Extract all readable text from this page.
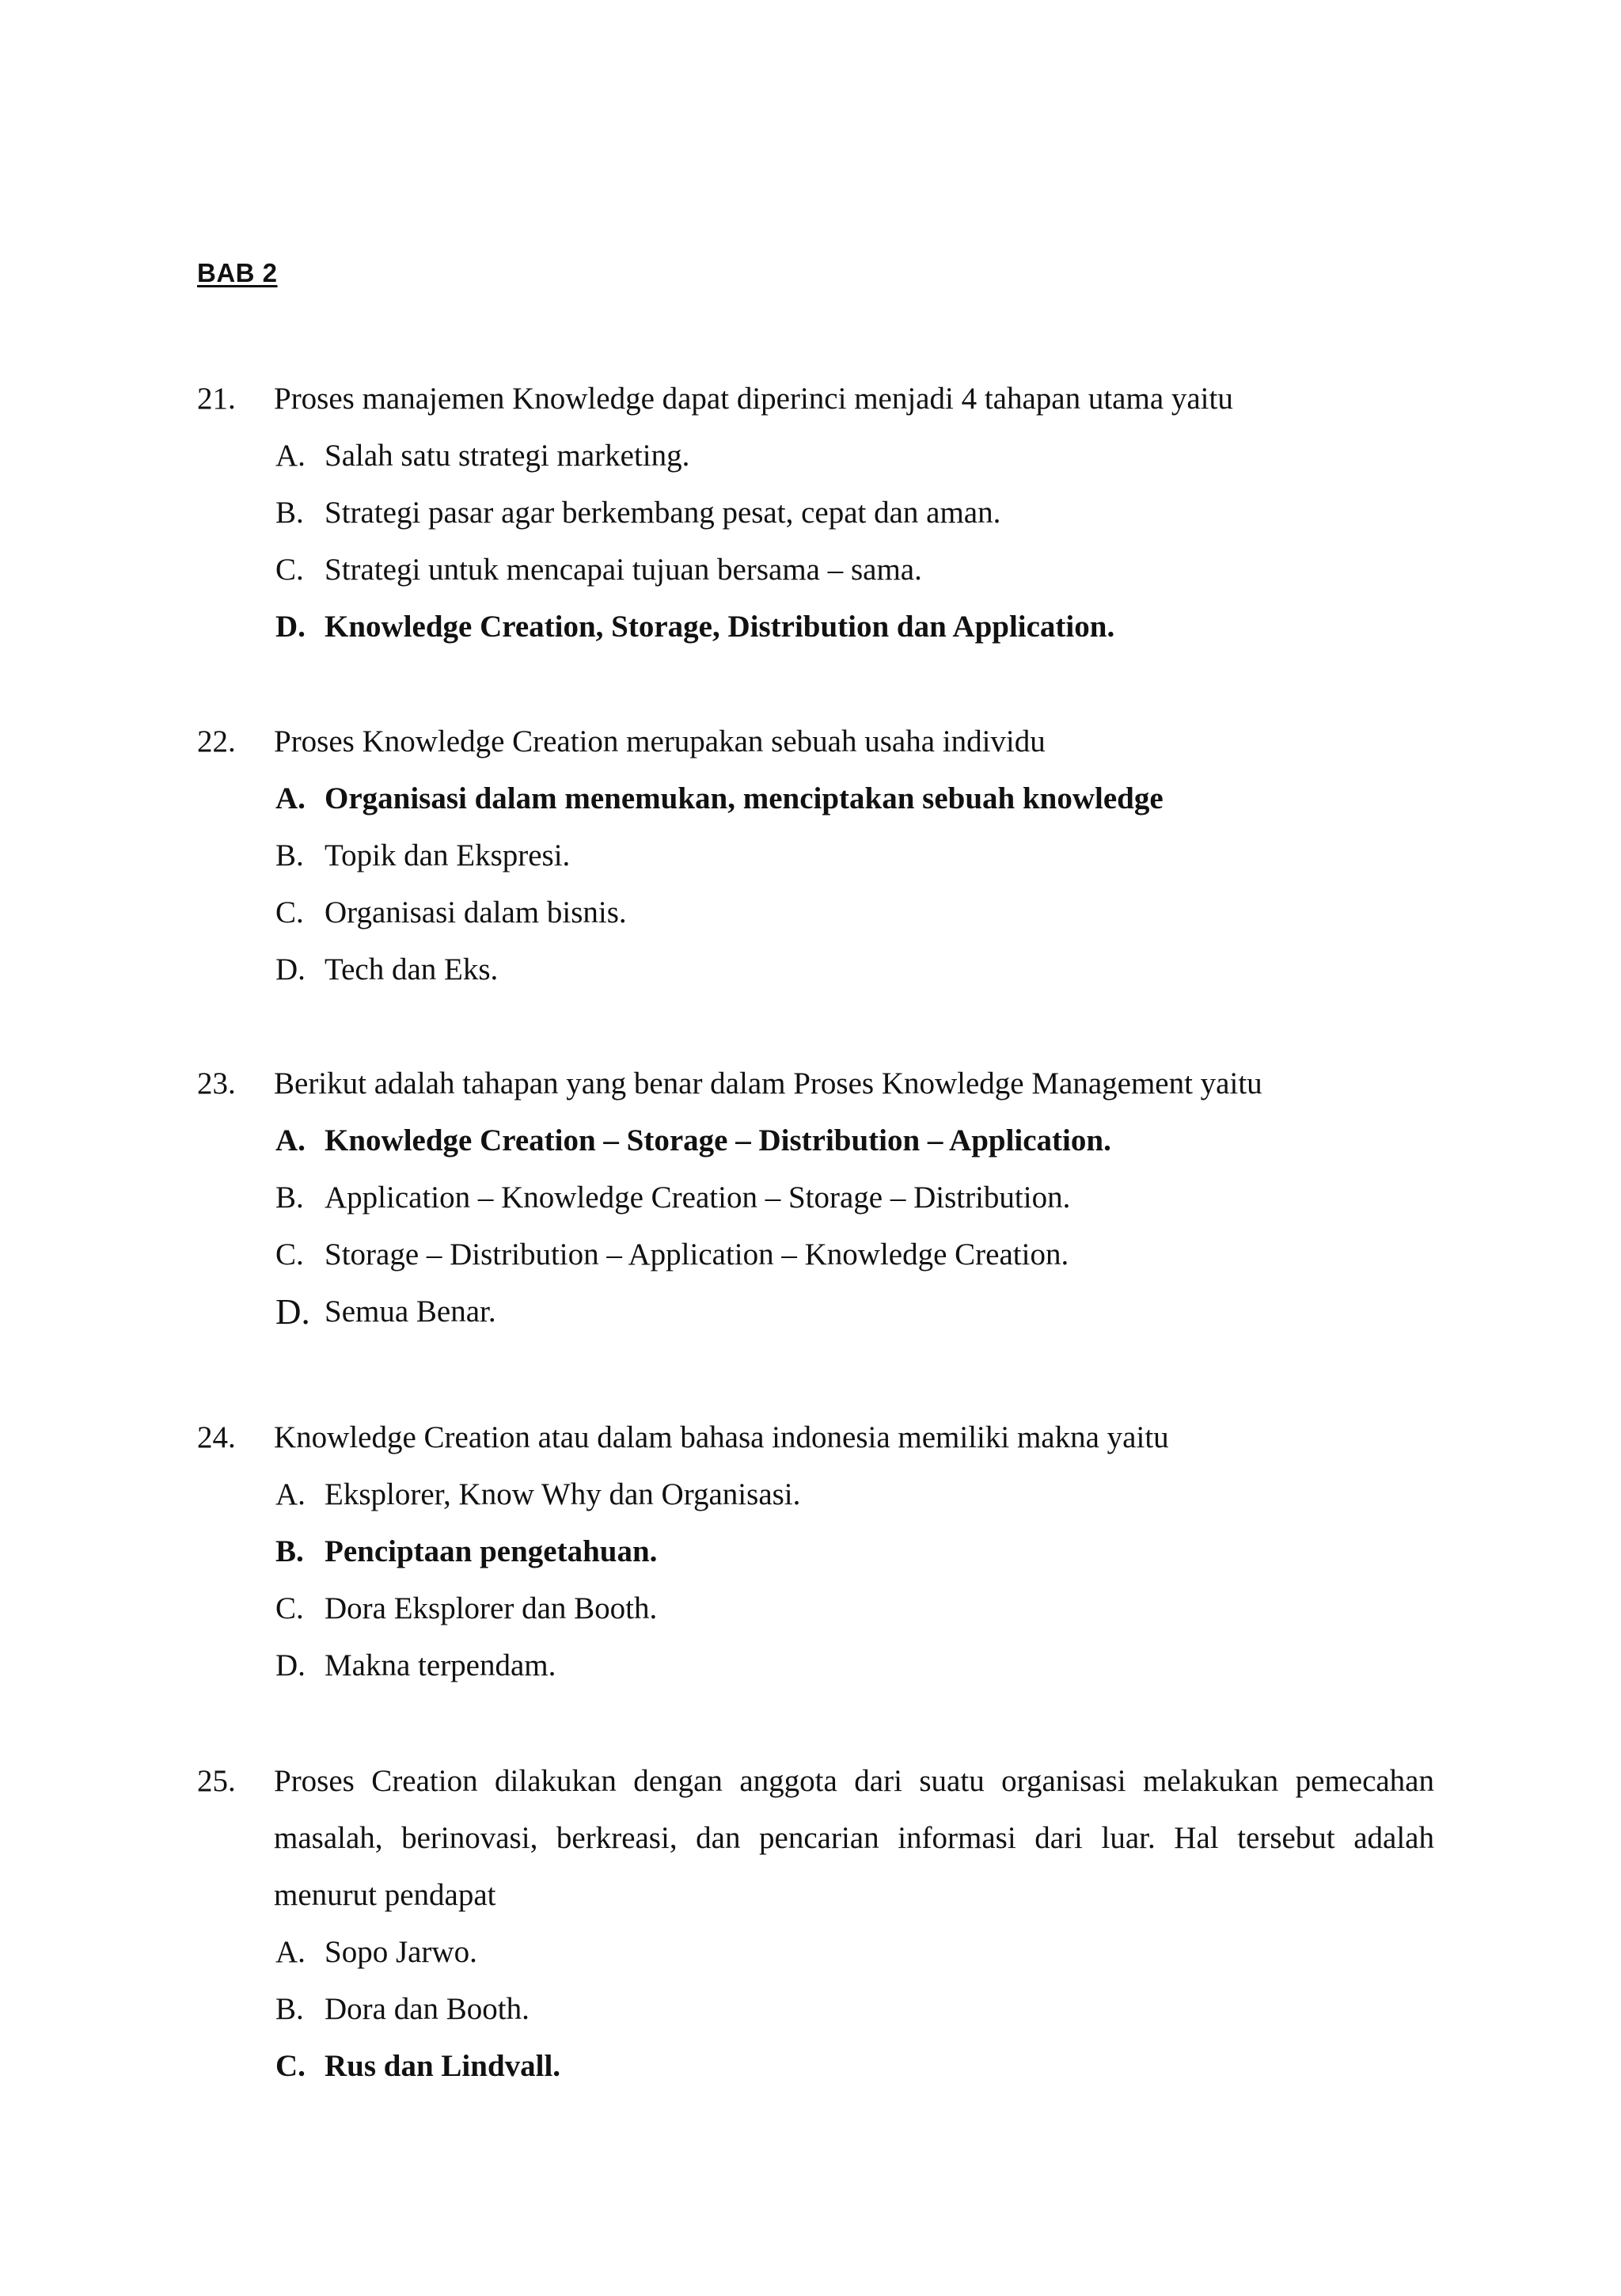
BAB 2
21. Proses manajemen Knowledge dapat diperinci menjadi 4 tahapan utama yaitu
A. Salah satu strategi marketing.
B. Strategi pasar agar berkembang pesat, cepat dan aman.
C. Strategi untuk mencapai tujuan bersama – sama.
D. Knowledge Creation, Storage, Distribution dan Application.
22. Proses Knowledge Creation merupakan sebuah usaha individu
A. Organisasi dalam menemukan, menciptakan sebuah knowledge
B. Topik dan Ekspresi.
C. Organisasi dalam bisnis.
D. Tech dan Eks.
23. Berikut adalah tahapan yang benar dalam Proses Knowledge Management yaitu
A. Knowledge Creation – Storage – Distribution – Application.
B. Application – Knowledge Creation – Storage – Distribution.
C. Storage – Distribution – Application – Knowledge Creation.
D. Semua Benar.
24. Knowledge Creation atau dalam bahasa indonesia memiliki makna yaitu
A. Eksplorer, Know Why dan Organisasi.
B. Penciptaan pengetahuan.
C. Dora Eksplorer dan Booth.
D. Makna terpendam.
25. Proses Creation dilakukan dengan anggota dari suatu organisasi melakukan pemecahan masalah, berinovasi, berkreasi, dan pencarian informasi dari luar. Hal tersebut adalah menurut pendapat
A. Sopo Jarwo.
B. Dora dan Booth.
C. Rus dan Lindvall.
